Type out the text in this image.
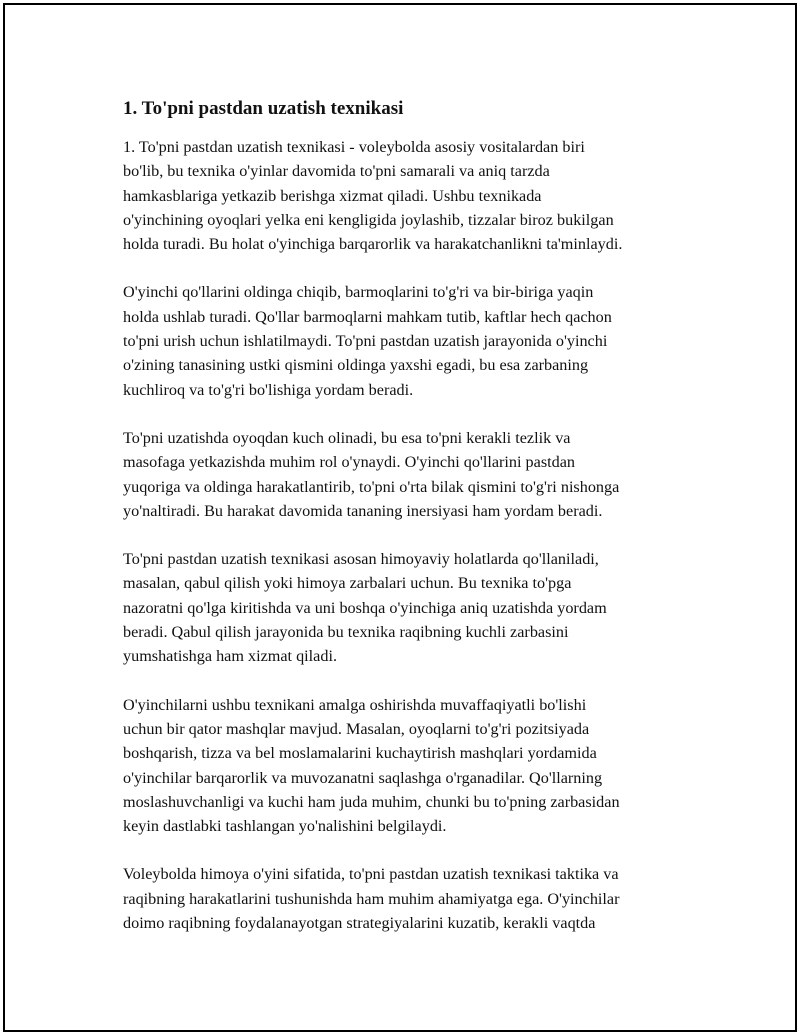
1. To'pni pastdan uzatish texnikasi

1. To'pni pastdan uzatish texnikasi - voleybolda asosiy vositalardan biri
bo'lib, bu texnika o'yinlar davomida to'pni samarali va aniq tarzda
hamkasblariga yetkazib berishga xizmat qiladi. Ushbu texnikada
o'yinchining oyoqlari yelka eni kengligida joylashib, tizzalar biroz bukilgan
holda turadi. Bu holat o'yinchiga barqarorlik va harakatchanlikni ta'minlaydi.

O'yinchi qo'llarini oldinga chiqib, barmoqlarini to'g'ri va bir-biriga yaqin
holda ushlab turadi. Qo'llar barmoqlarni mahkam tutib, kaftlar hech qachon
to'pni urish uchun ishlatilmaydi. To'pni pastdan uzatish jarayonida o'yinchi
o'zining tanasining ustki qismini oldinga yaxshi egadi, bu esa zarbaning
kuchliroq va to'g'ri bo'lishiga yordam beradi.

To'pni uzatishda oyoqdan kuch olinadi, bu esa to'pni kerakli tezlik va
masofaga yetkazishda muhim rol o'ynaydi. O'yinchi qo'llarini pastdan
yuqoriga va oldinga harakatlantirib, to'pni o'rta bilak qismini to'g'ri nishonga
yo'naltiradi. Bu harakat davomida tananing inersiyasi ham yordam beradi.

To'pni pastdan uzatish texnikasi asosan himoyaviy holatlarda qo'llaniladi,
masalan, qabul qilish yoki himoya zarbalari uchun. Bu texnika to'pga
nazoratni qo'lga kiritishda va uni boshqa o'yinchiga aniq uzatishda yordam
beradi. Qabul qilish jarayonida bu texnika raqibning kuchli zarbasini
yumshatishga ham xizmat qiladi.

O'yinchilarni ushbu texnikani amalga oshirishda muvaffaqiyatli bo'lishi
uchun bir qator mashqlar mavjud. Masalan, oyoqlarni to'g'ri pozitsiyada
boshqarish, tizza va bel moslamalarini kuchaytirish mashqlari yordamida
o'yinchilar barqarorlik va muvozanatni saqlashga o'rganadilar. Qo'llarning
moslashuvchanligi va kuchi ham juda muhim, chunki bu to'pning zarbasidan
keyin dastlabki tashlangan yo'nalishini belgilaydi.

Voleybolda himoya o'yini sifatida, to'pni pastdan uzatish texnikasi taktika va
raqibning harakatlarini tushunishda ham muhim ahamiyatga ega. O'yinchilar
doimo raqibning foydalanayotgan strategiyalarini kuzatib, kerakli vaqtda
